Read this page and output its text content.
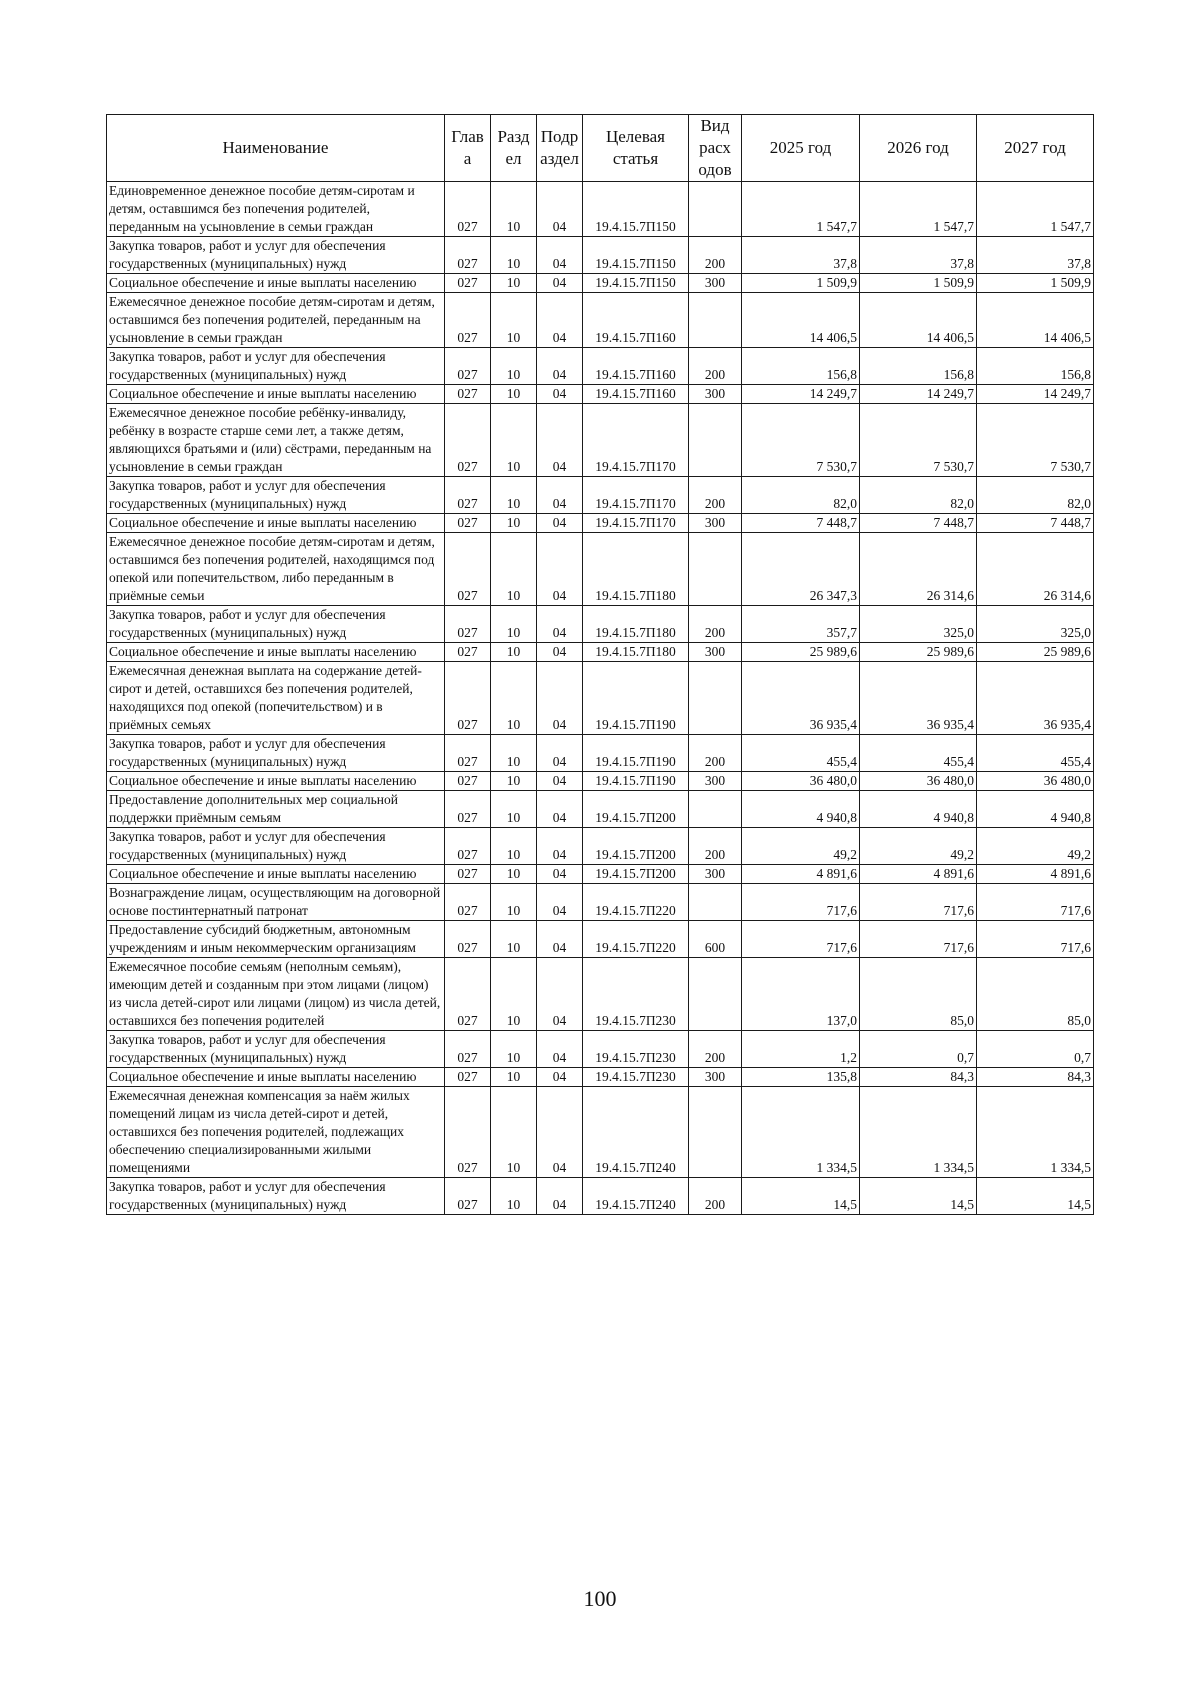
Наименование	Глав а	Разд ел	Подр аздел	Целевая статья	Вид расх одов	2025 год	2026 год	2027 год
Единовременное денежное пособие детям-сиротам и детям, оставшимся без попечения родителей, переданным на усыновление в семьи граждан	027	10	04	19.4.15.7П150		1 547,7	1 547,7	1 547,7
Закупка товаров, работ и услуг для обеспечения государственных (муниципальных) нужд	027	10	04	19.4.15.7П150	200	37,8	37,8	37,8
Социальное обеспечение и иные выплаты населению	027	10	04	19.4.15.7П150	300	1 509,9	1 509,9	1 509,9
Ежемесячное денежное пособие детям-сиротам и детям, оставшимся без попечения родителей, переданным на усыновление в семьи граждан	027	10	04	19.4.15.7П160		14 406,5	14 406,5	14 406,5
Закупка товаров, работ и услуг для обеспечения государственных (муниципальных) нужд	027	10	04	19.4.15.7П160	200	156,8	156,8	156,8
Социальное обеспечение и иные выплаты населению	027	10	04	19.4.15.7П160	300	14 249,7	14 249,7	14 249,7
Ежемесячное денежное пособие ребёнку-инвалиду, ребёнку в возрасте старше семи лет, а также детям, являющихся братьями и (или) сёстрами, переданным на усыновление в семьи граждан	027	10	04	19.4.15.7П170		7 530,7	7 530,7	7 530,7
Закупка товаров, работ и услуг для обеспечения государственных (муниципальных) нужд	027	10	04	19.4.15.7П170	200	82,0	82,0	82,0
Социальное обеспечение и иные выплаты населению	027	10	04	19.4.15.7П170	300	7 448,7	7 448,7	7 448,7
Ежемесячное денежное пособие детям-сиротам и детям, оставшимся без попечения родителей, находящимся под опекой или попечительством, либо переданным в приёмные семьи	027	10	04	19.4.15.7П180		26 347,3	26 314,6	26 314,6
Закупка товаров, работ и услуг для обеспечения государственных (муниципальных) нужд	027	10	04	19.4.15.7П180	200	357,7	325,0	325,0
Социальное обеспечение и иные выплаты населению	027	10	04	19.4.15.7П180	300	25 989,6	25 989,6	25 989,6
Ежемесячная денежная выплата на содержание детей-сирот и детей, оставшихся без попечения родителей, находящихся под опекой (попечительством) и в приёмных семьях	027	10	04	19.4.15.7П190		36 935,4	36 935,4	36 935,4
Закупка товаров, работ и услуг для обеспечения государственных (муниципальных) нужд	027	10	04	19.4.15.7П190	200	455,4	455,4	455,4
Социальное обеспечение и иные выплаты населению	027	10	04	19.4.15.7П190	300	36 480,0	36 480,0	36 480,0
Предоставление дополнительных мер социальной поддержки приёмным семьям	027	10	04	19.4.15.7П200		4 940,8	4 940,8	4 940,8
Закупка товаров, работ и услуг для обеспечения государственных (муниципальных) нужд	027	10	04	19.4.15.7П200	200	49,2	49,2	49,2
Социальное обеспечение и иные выплаты населению	027	10	04	19.4.15.7П200	300	4 891,6	4 891,6	4 891,6
Вознаграждение лицам, осуществляющим на договорной основе постинтернатный патронат	027	10	04	19.4.15.7П220		717,6	717,6	717,6
Предоставление субсидий бюджетным, автономным учреждениям и иным некоммерческим организациям	027	10	04	19.4.15.7П220	600	717,6	717,6	717,6
Ежемесячное пособие семьям (неполным семьям), имеющим детей и созданным при этом лицами (лицом) из числа детей-сирот или лицами (лицом) из числа детей, оставшихся без попечения родителей	027	10	04	19.4.15.7П230		137,0	85,0	85,0
Закупка товаров, работ и услуг для обеспечения государственных (муниципальных) нужд	027	10	04	19.4.15.7П230	200	1,2	0,7	0,7
Социальное обеспечение и иные выплаты населению	027	10	04	19.4.15.7П230	300	135,8	84,3	84,3
Ежемесячная денежная компенсация за наём жилых помещений лицам из числа детей-сирот и детей, оставшихся без попечения родителей, подлежащих обеспечению специализированными жилыми помещениями	027	10	04	19.4.15.7П240		1 334,5	1 334,5	1 334,5
Закупка товаров, работ и услуг для обеспечения государственных (муниципальных) нужд	027	10	04	19.4.15.7П240	200	14,5	14,5	14,5
100
